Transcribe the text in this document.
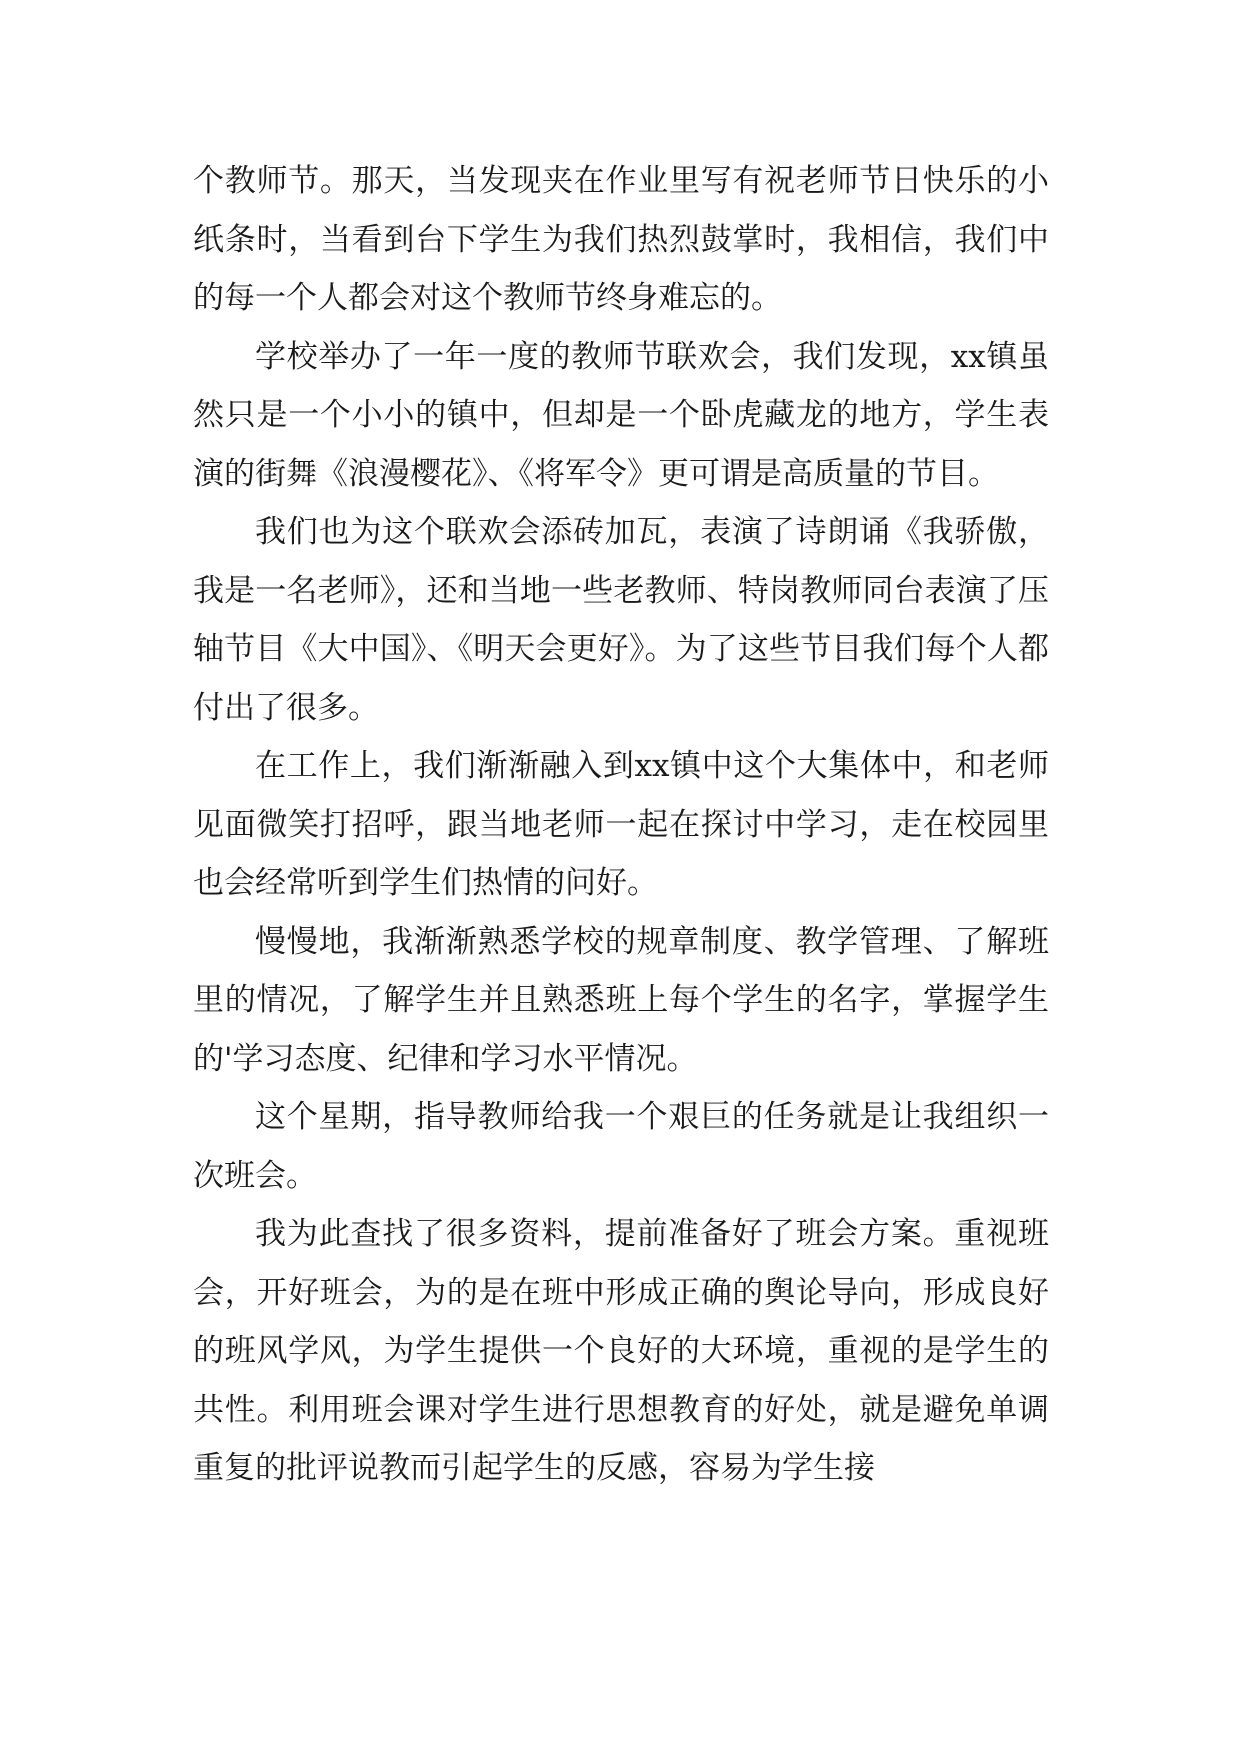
个教师节。那天，当发现夹在作业里写有祝老师节日快乐的小纸条时，当看到台下学生为我们热烈鼓掌时，我相信，我们中的每一个人都会对这个教师节终身难忘的。

学校举办了一年一度的教师节联欢会，我们发现，xx镇虽然只是一个小小的镇中，但却是一个卧虎藏龙的地方，学生表演的街舞《浪漫樱花》、《将军令》更可谓是高质量的节目。

我们也为这个联欢会添砖加瓦，表演了诗朗诵《我骄傲，我是一名老师》，还和当地一些老教师、特岗教师同台表演了压轴节目《大中国》、《明天会更好》。为了这些节目我们每个人都付出了很多。

在工作上，我们渐渐融入到xx镇中这个大集体中，和老师见面微笑打招呼，跟当地老师一起在探讨中学习，走在校园里也会经常听到学生们热情的问好。

慢慢地，我渐渐熟悉学校的规章制度、教学管理、了解班里的情况，了解学生并且熟悉班上每个学生的名字，掌握学生的'学习态度、纪律和学习水平情况。

这个星期，指导教师给我一个艰巨的任务就是让我组织一次班会。

我为此查找了很多资料，提前准备好了班会方案。重视班会，开好班会，为的是在班中形成正确的舆论导向，形成良好的班风学风，为学生提供一个良好的大环境，重视的是学生的共性。利用班会课对学生进行思想教育的好处，就是避免单调重复的批评说教而引起学生的反感，容易为学生接
